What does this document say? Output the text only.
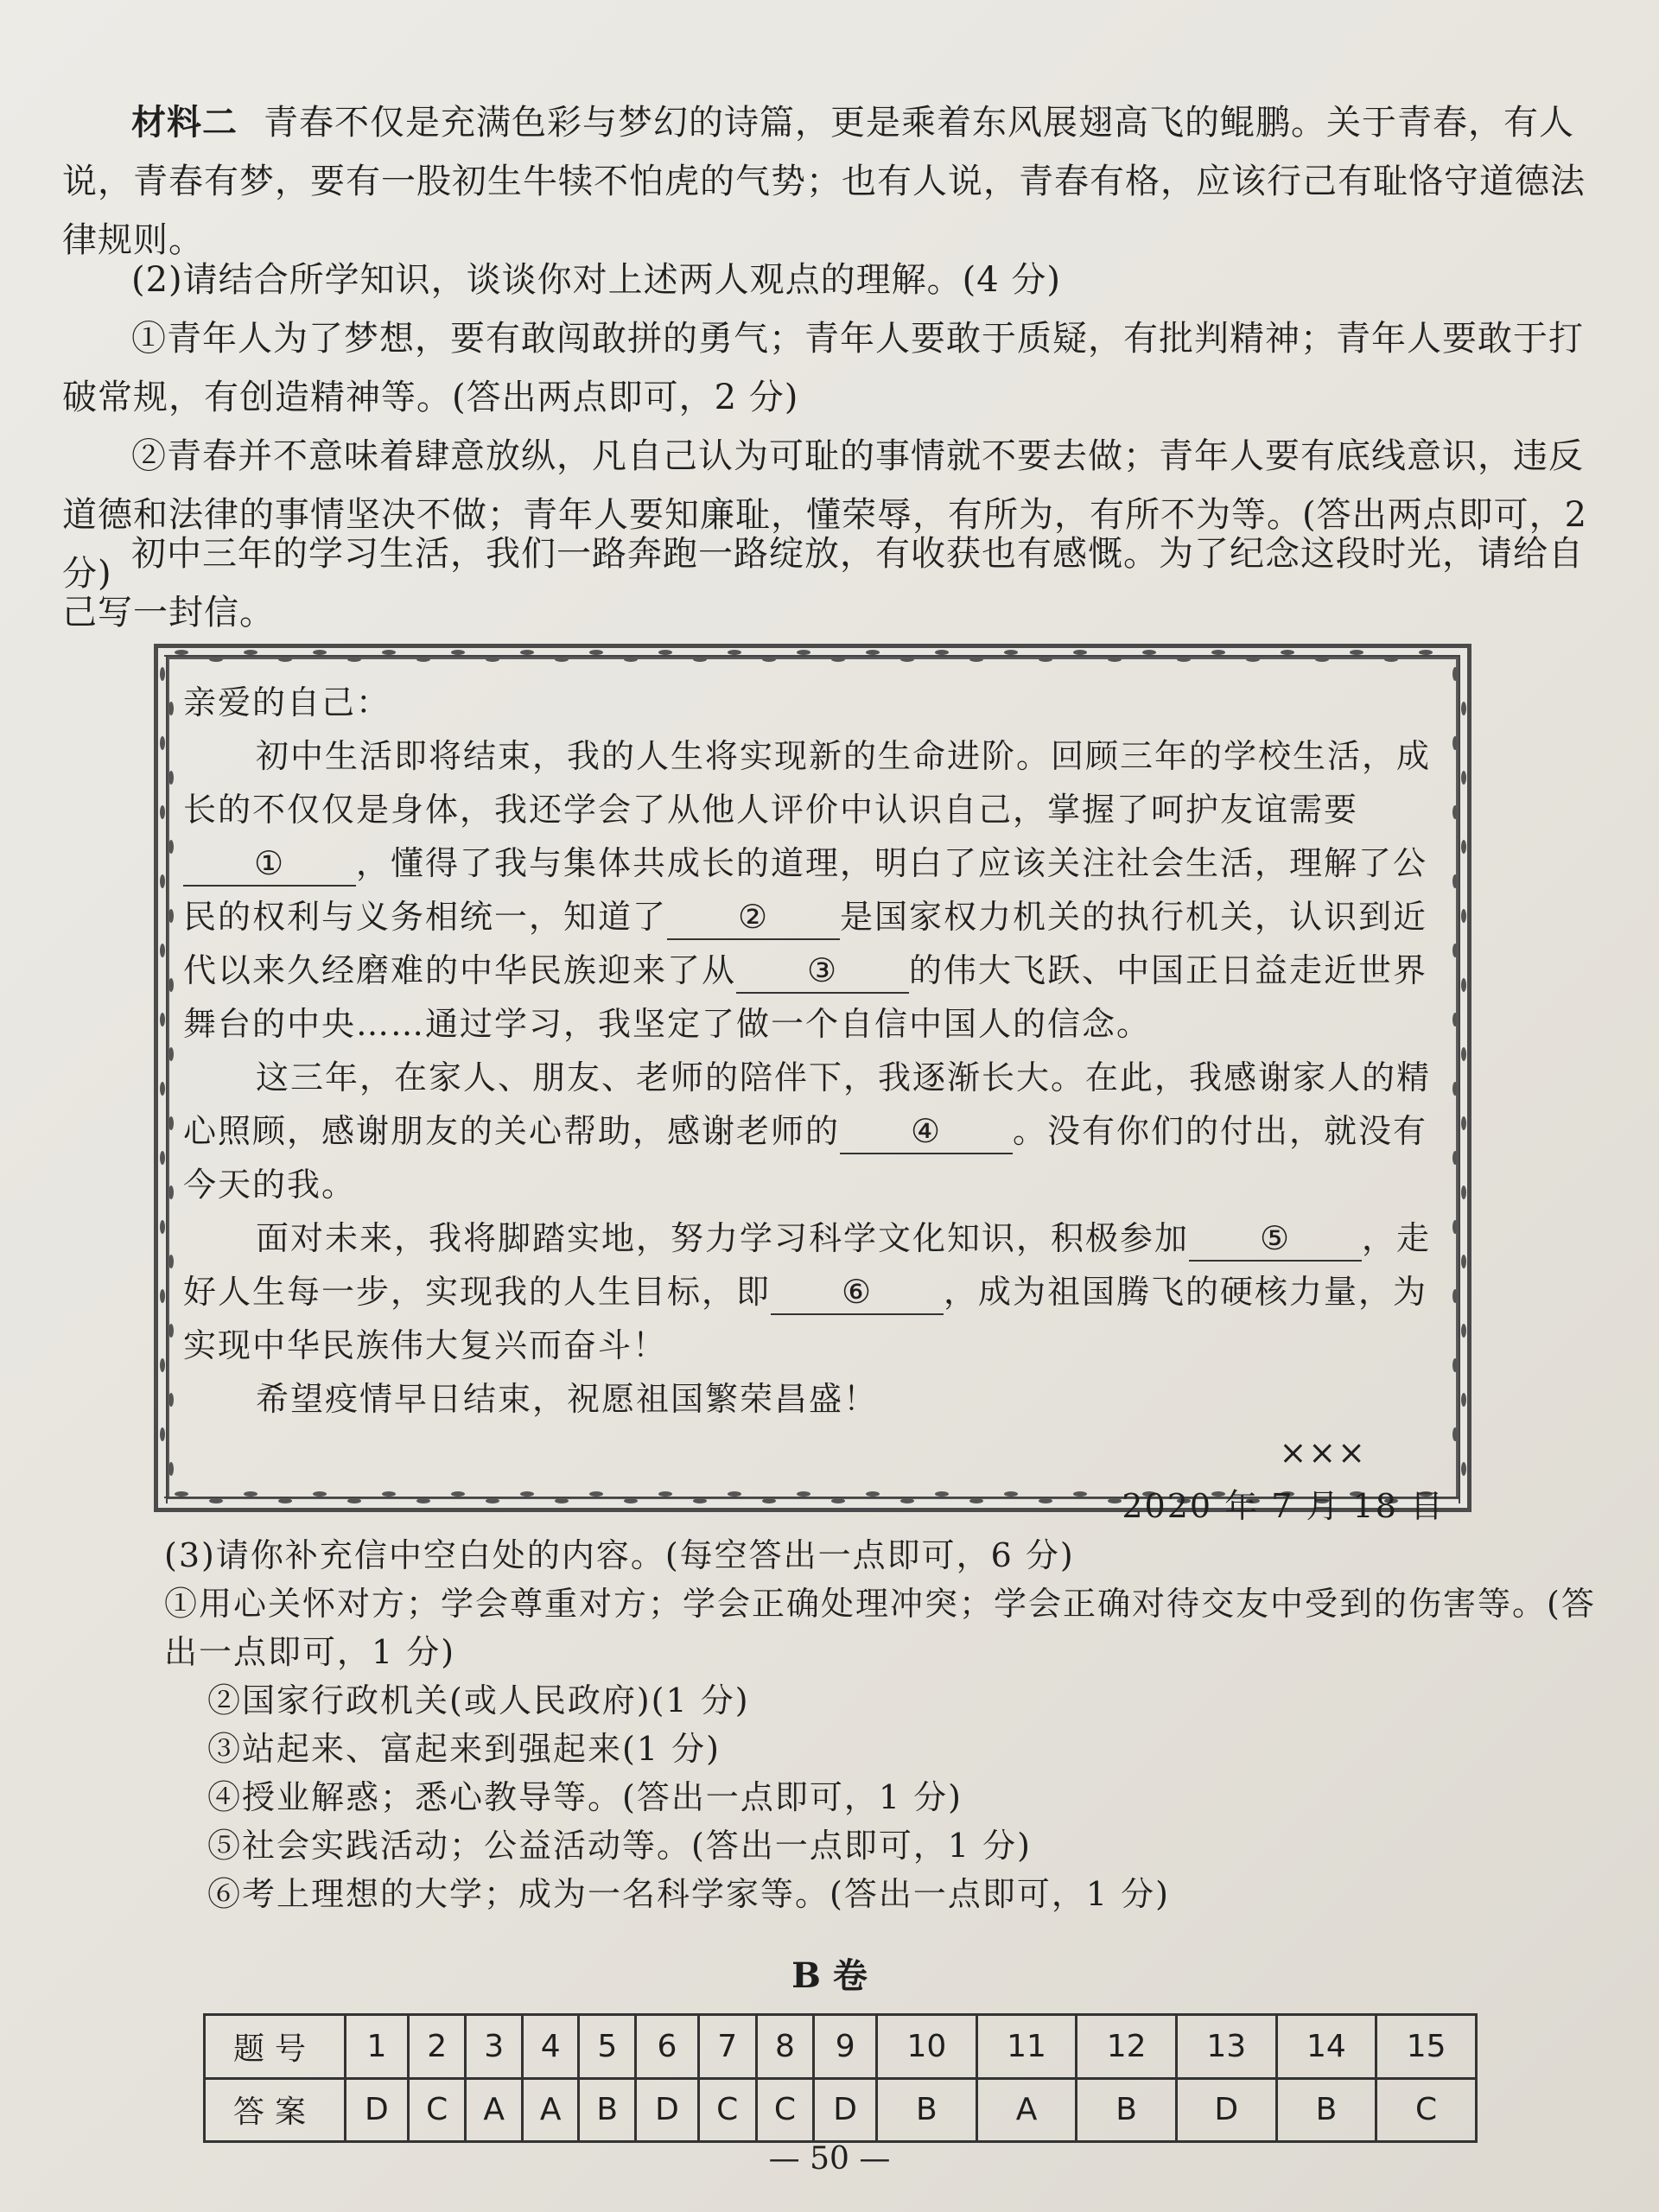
材料二 青春不仅是充满色彩与梦幻的诗篇，更是乘着东风展翅高飞的鲲鹏。关于青春，有人说，青春有梦，要有一股初生牛犊不怕虎的气势；也有人说，青春有格，应该行己有耻恪守道德法律规则。

(2)请结合所学知识，谈谈你对上述两人观点的理解。(4 分)

①青年人为了梦想，要有敢闯敢拼的勇气；青年人要敢于质疑，有批判精神；青年人要敢于打破常规，有创造精神等。(答出两点即可，2 分)

②青春并不意味着肆意放纵，凡自己认为可耻的事情就不要去做；青年人要有底线意识，违反道德和法律的事情坚决不做；青年人要知廉耻，懂荣辱，有所为，有所不为等。(答出两点即可，2 分) 初中三年的学习生活，我们一路奔跑一路绽放，有收获也有感慨。为了纪念这段时光，请给自己写一封信。

亲爱的自己：

初中生活即将结束，我的人生将实现新的生命进阶。回顾三年的学校生活，成长的不仅仅是身体，我还学会了从他人评价中认识自己，掌握了呵护友谊需要① ，懂得了我与集体共成长的道理，明白了应该关注社会生活，理解了公民的权利与义务相统一，知道了 ② 是国家权力机关的执行机关，认识到近代以来久经磨难的中华民族迎来了从 ③ 的伟大飞跃、中国正日益走近世界舞台的中央……通过学习，我坚定了做一个自信中国人的信念。

这三年，在家人、朋友、老师的陪伴下，我逐渐长大。在此，我感谢家人的精心照顾，感谢朋友的关心帮助，感谢老师的 ④ 。没有你们的付出，就没有今天的我。

面对未来，我将脚踏实地，努力学习科学文化知识，积极参加 ⑤ ，走好人生每一步，实现我的人生目标，即 ⑥ ，成为祖国腾飞的硬核力量，为实现中华民族伟大复兴而奋斗！

希望疫情早日结束，祝愿祖国繁荣昌盛！

×××

2020 年 7 月 18 日

(3)请你补充信中空白处的内容。(每空答出一点即可，6 分)

①用心关怀对方；学会尊重对方；学会正确处理冲突；学会正确对待交友中受到的伤害等。(答出一点即可，1 分)

②国家行政机关(或人民政府)(1 分)

③站起来、富起来到强起来(1 分)

④授业解惑；悉心教导等。(答出一点即可，1 分)

⑤社会实践活动；公益活动等。(答出一点即可，1 分)

⑥考上理想的大学；成为一名科学家等。(答出一点即可，1 分)

B 卷
题号	1	2	3	4	5	6	7	8	9	10	11	12	13	14	15
答案	D	C	A	A	B	D	C	C	D	B	A	B	D	B	C
— 50 —
